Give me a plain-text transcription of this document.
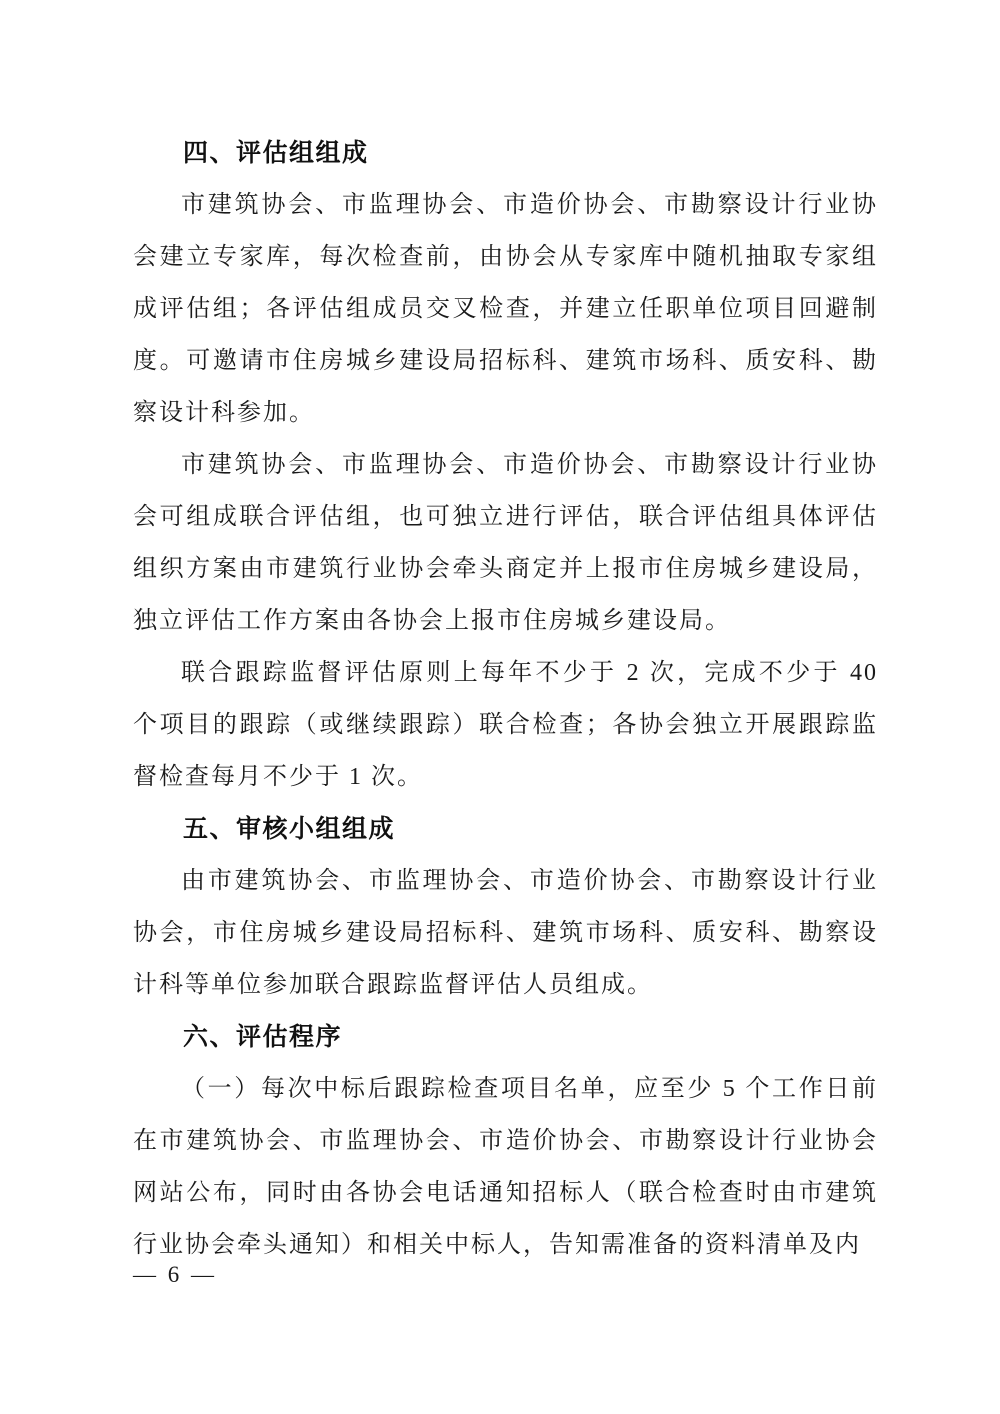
四、评估组组成

市建筑协会、市监理协会、市造价协会、市勘察设计行业协会建立专家库，每次检查前，由协会从专家库中随机抽取专家组成评估组；各评估组成员交叉检查，并建立任职单位项目回避制度。可邀请市住房城乡建设局招标科、建筑市场科、质安科、勘察设计科参加。

市建筑协会、市监理协会、市造价协会、市勘察设计行业协会可组成联合评估组，也可独立进行评估，联合评估组具体评估组织方案由市建筑行业协会牵头商定并上报市住房城乡建设局，独立评估工作方案由各协会上报市住房城乡建设局。

联合跟踪监督评估原则上每年不少于 2 次，完成不少于 40 个项目的跟踪（或继续跟踪）联合检查；各协会独立开展跟踪监督检查每月不少于 1 次。

五、审核小组组成

由市建筑协会、市监理协会、市造价协会、市勘察设计行业协会，市住房城乡建设局招标科、建筑市场科、质安科、勘察设计科等单位参加联合跟踪监督评估人员组成。

六、评估程序

（一）每次中标后跟踪检查项目名单，应至少 5 个工作日前在市建筑协会、市监理协会、市造价协会、市勘察设计行业协会网站公布，同时由各协会电话通知招标人（联合检查时由市建筑行业协会牵头通知）和相关中标人，告知需准备的资料清单及内

— 6 —
